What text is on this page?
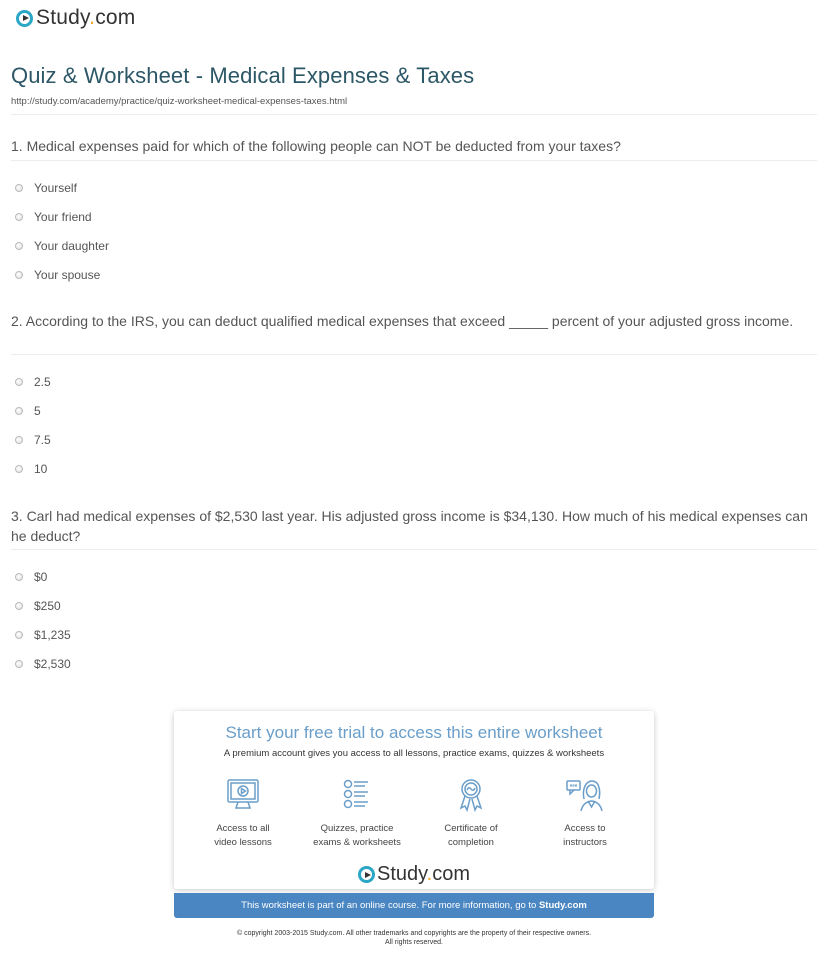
Study.com
Quiz & Worksheet - Medical Expenses & Taxes
http://study.com/academy/practice/quiz-worksheet-medical-expenses-taxes.html
1. Medical expenses paid for which of the following people can NOT be deducted from your taxes?
Yourself
Your friend
Your daughter
Your spouse
2. According to the IRS, you can deduct qualified medical expenses that exceed _____ percent of your adjusted gross income.
2.5
5
7.5
10
3. Carl had medical expenses of $2,530 last year. His adjusted gross income is $34,130. How much of his medical expenses can he deduct?
$0
$250
$1,235
$2,530
Start your free trial to access this entire worksheet
A premium account gives you access to all lessons, practice exams, quizzes & worksheets
Access to all
video lessons
Quizzes, practice
exams & worksheets
Certificate of
completion
Access to
instructors
Study.com
This worksheet is part of an online course. For more information, go to Study.com
© copyright 2003-2015 Study.com. All other trademarks and copyrights are the property of their respective owners.
All rights reserved.
